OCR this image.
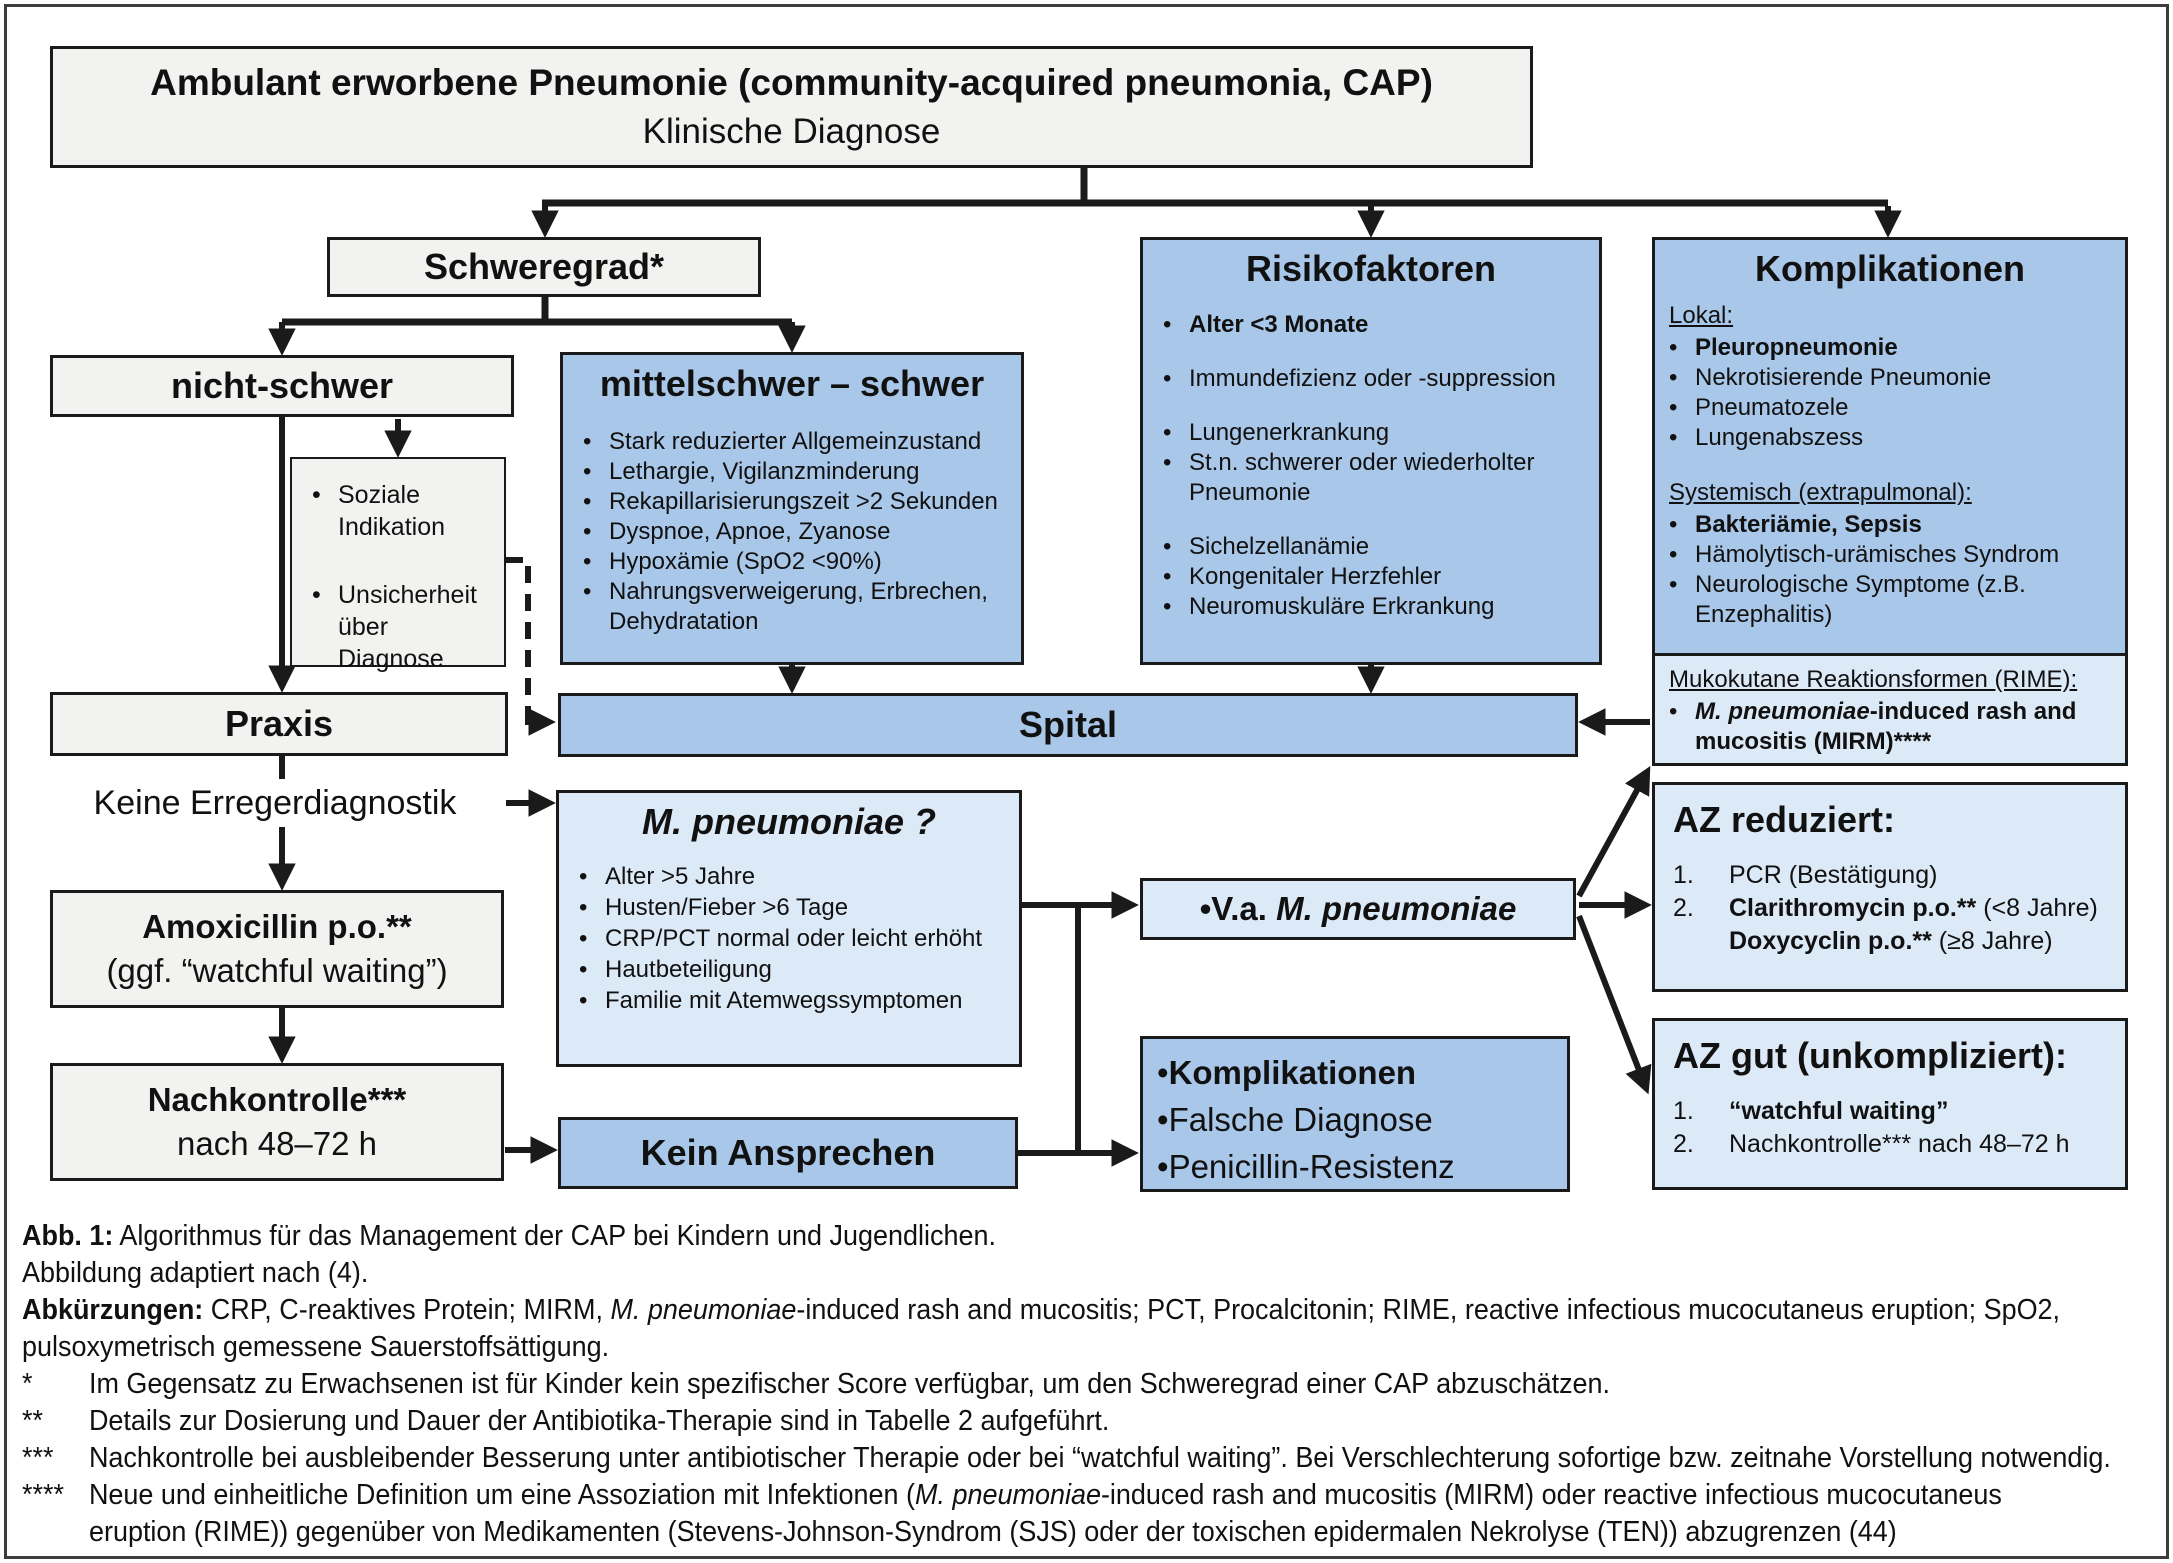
Ambulant erworbene Pneumonie (community-acquired pneumonia, CAP)
Klinische Diagnose
Schweregrad*
nicht-schwer
• Soziale Indikation
• Unsicherheit über Diagnose
mittelschwer – schwer
• Stark reduzierter Allgemeinzustand
• Lethargie, Vigilanzminderung
• Rekapillarisierungszeit >2 Sekunden
• Dyspnoe, Apnoe, Zyanose
• Hypoxämie (SpO2 <90%)
• Nahrungsverweigerung, Erbrechen, Dehydratation
Risikofaktoren
• Alter <3 Monate
• Immundefizienz oder -suppression
• Lungenerkrankung
• St.n. schwerer oder wiederholter Pneumonie
• Sichelzellanämie
• Kongenitaler Herzfehler
• Neuromuskuläre Erkrankung
Komplikationen
Lokal:
• Pleuropneumonie
• Nekrotisierende Pneumonie
• Pneumatozele
• Lungenabszess
Systemisch (extrapulmonal):
• Bakteriämie, Sepsis
• Hämolytisch-urämisches Syndrom
• Neurologische Symptome (z.B. Enzephalitis)
Mukokutane Reaktionsformen (RIME):
• M. pneumoniae-induced rash and mucositis (MIRM)****
Spital
Praxis
Keine Erregerdiagnostik
Amoxicillin p.o.**
(ggf. “watchful waiting”)
Nachkontrolle***
nach 48–72 h
M. pneumoniae ?
• Alter >5 Jahre
• Husten/Fieber >6 Tage
• CRP/PCT normal oder leicht erhöht
• Hautbeteiligung
• Familie mit Atemwegssymptomen
•V.a. M. pneumoniae
Kein Ansprechen
• Komplikationen
• Falsche Diagnose
• Penicillin-Resistenz
AZ reduziert:
1.	PCR (Bestätigung)
2.	Clarithromycin p.o.** (<8 Jahre)
Doxycyclin p.o.** (≥8 Jahre)
AZ gut (unkompliziert):
1.	“watchful waiting”
2.	Nachkontrolle*** nach 48–72 h
Abb. 1: Algorithmus für das Management der CAP bei Kindern und Jugendlichen.
Abbildung adaptiert nach (4).
Abkürzungen: CRP, C-reaktives Protein; MIRM, M. pneumoniae-induced rash and mucositis; PCT, Procalcitonin; RIME, reactive infectious mucocutaneus eruption; SpO2,
pulsoxymetrisch gemessene Sauerstoffsättigung.
*	Im Gegensatz zu Erwachsenen ist für Kinder kein spezifischer Score verfügbar, um den Schweregrad einer CAP abzuschätzen.
**	Details zur Dosierung und Dauer der Antibiotika-Therapie sind in Tabelle 2 aufgeführt.
***	Nachkontrolle bei ausbleibender Besserung unter antibiotischer Therapie oder bei “watchful waiting”. Bei Verschlechterung sofortige bzw. zeitnahe Vorstellung notwendig.
**** Neue und einheitliche Definition um eine Assoziation mit Infektionen (M. pneumoniae-induced rash and mucositis (MIRM) oder reactive infectious mucocutaneus
eruption (RIME)) gegenüber von Medikamenten (Stevens-Johnson-Syndrom (SJS) oder der toxischen epidermalen Nekrolyse (TEN)) abzugrenzen (44)
